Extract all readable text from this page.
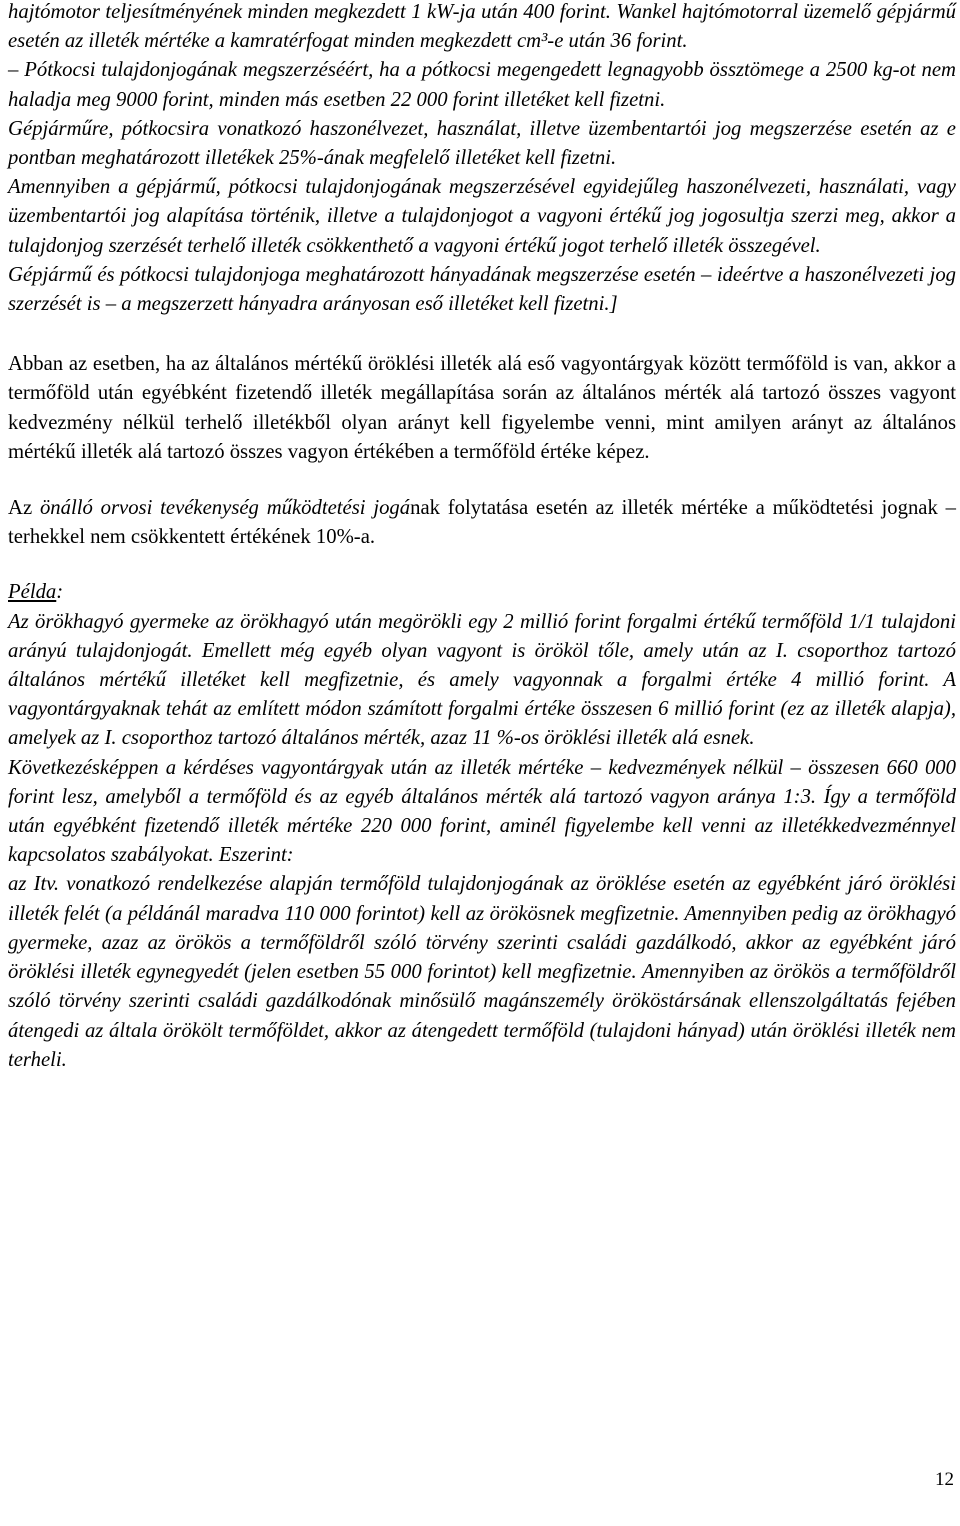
hajtómotor teljesítményének minden megkezdett 1 kW-ja után 400 forint. Wankel hajtómotorral üzemelő gépjármű esetén az illeték mértéke a kamratérfogat minden megkezdett cm³-e után 36 forint.

– Pótkocsi tulajdonjogának megszerzéséért, ha a pótkocsi megengedett legnagyobb össztömege a 2500 kg-ot nem haladja meg 9000 forint, minden más esetben 22 000 forint illetéket kell fizetni.

Gépjárműre, pótkocsira vonatkozó haszonélvezet, használat, illetve üzembentartói jog megszerzése esetén az e pontban meghatározott illetékek 25%-ának megfelelő illetéket kell fizetni.

Amennyiben a gépjármű, pótkocsi tulajdonjogának megszerzésével egyidejűleg haszonélvezeti, használati, vagy üzembentartói jog alapítása történik, illetve a tulajdonjogot a vagyoni értékű jog jogosultja szerzi meg, akkor a tulajdonjog szerzését terhelő illeték csökkenthető a vagyoni értékű jogot terhelő illeték összegével.

Gépjármű és pótkocsi tulajdonjoga meghatározott hányadának megszerzése esetén – ideértve a haszonélvezeti jog szerzését is – a megszerzett hányadra arányosan eső illetéket kell fizetni.]

Abban az esetben, ha az általános mértékű öröklési illeték alá eső vagyontárgyak között termőföld is van, akkor a termőföld után egyébként fizetendő illeték megállapítása során az általános mérték alá tartozó összes vagyont kedvezmény nélkül terhelő illetékből olyan arányt kell figyelembe venni, mint amilyen arányt az általános mértékű illeték alá tartozó összes vagyon értékében a termőföld értéke képez.

Az önálló orvosi tevékenység működtetési jogának folytatása esetén az illeték mértéke a működtetési jognak – terhekkel nem csökkentett értékének 10%-a.

Példa:

Az örökhagyó gyermeke az örökhagyó után megörökli egy 2 millió forint forgalmi értékű termőföld 1/1 tulajdoni arányú tulajdonjogát. Emellett még egyéb olyan vagyont is örököl tőle, amely után az I. csoporthoz tartozó általános mértékű illetéket kell megfizetnie, és amely vagyonnak a forgalmi értéke 4 millió forint. A vagyontárgyaknak tehát az említett módon számított forgalmi értéke összesen 6 millió forint (ez az illeték alapja), amelyek az I. csoporthoz tartozó általános mérték, azaz 11 %-os öröklési illeték alá esnek.

Következésképpen a kérdéses vagyontárgyak után az illeték mértéke – kedvezmények nélkül – összesen 660 000 forint lesz, amelyből a termőföld és az egyéb általános mérték alá tartozó vagyon aránya 1:3. Így a termőföld után egyébként fizetendő illeték mértéke 220 000 forint, aminél figyelembe kell venni az illetékkedvezménnyel kapcsolatos szabályokat. Eszerint:

az Itv. vonatkozó rendelkezése alapján termőföld tulajdonjogának az öröklése esetén az egyébként járó öröklési illeték felét (a példánál maradva 110 000 forintot) kell az örökösnek megfizetnie. Amennyiben pedig az örökhagyó gyermeke, azaz az örökös a termőföldről szóló törvény szerinti családi gazdálkodó, akkor az egyébként járó öröklési illeték egynegyedét (jelen esetben 55 000 forintot) kell megfizetnie. Amennyiben az örökös a termőföldről szóló törvény szerinti családi gazdálkodónak minősülő magánszemély örököstársának ellenszolgáltatás fejében átengedi az általa örökölt termőföldet, akkor az átengedett termőföld (tulajdoni hányad) után öröklési illeték nem terheli.

12
